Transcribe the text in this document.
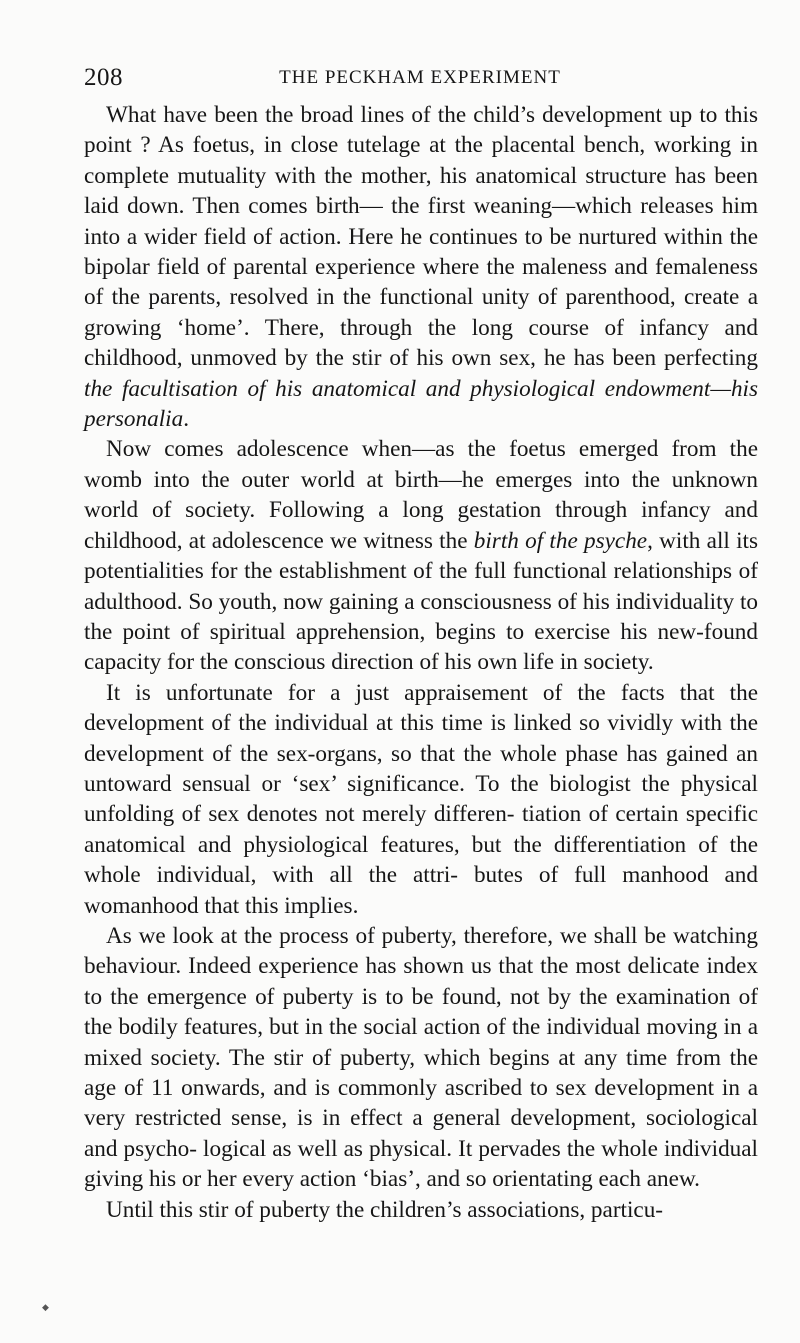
208	THE PECKHAM EXPERIMENT

What have been the broad lines of the child’s development up to this point ? As foetus, in close tutelage at the placental bench, working in complete mutuality with the mother, his anatomical structure has been laid down. Then comes birth— the first weaning—which releases him into a wider field of action. Here he continues to be nurtured within the bipolar field of parental experience where the maleness and femaleness of the parents, resolved in the functional unity of parenthood, create a growing ‘home’. There, through the long course of infancy and childhood, unmoved by the stir of his own sex, he has been perfecting the facultisation of his anatomical and physiological endowment—his personalia.

Now comes adolescence when—as the foetus emerged from the womb into the outer world at birth—he emerges into the unknown world of society. Following a long gestation through infancy and childhood, at adolescence we witness the birth of the psyche, with all its potentialities for the establishment of the full functional relationships of adulthood. So youth, now gaining a consciousness of his individuality to the point of spiritual apprehension, begins to exercise his new-found capacity for the conscious direction of his own life in society.

It is unfortunate for a just appraisement of the facts that the development of the individual at this time is linked so vividly with the development of the sex-organs, so that the whole phase has gained an untoward sensual or ‘sex’ significance. To the biologist the physical unfolding of sex denotes not merely differen- tiation of certain specific anatomical and physiological features, but the differentiation of the whole individual, with all the attri- butes of full manhood and womanhood that this implies.

As we look at the process of puberty, therefore, we shall be watching behaviour. Indeed experience has shown us that the most delicate index to the emergence of puberty is to be found, not by the examination of the bodily features, but in the social action of the individual moving in a mixed society. The stir of puberty, which begins at any time from the age of 11 onwards, and is commonly ascribed to sex development in a very restricted sense, is in effect a general development, sociological and psycho- logical as well as physical. It pervades the whole individual giving his or her every action ‘bias’, and so orientating each anew.

Until this stir of puberty the children’s associations, particu-

◆
